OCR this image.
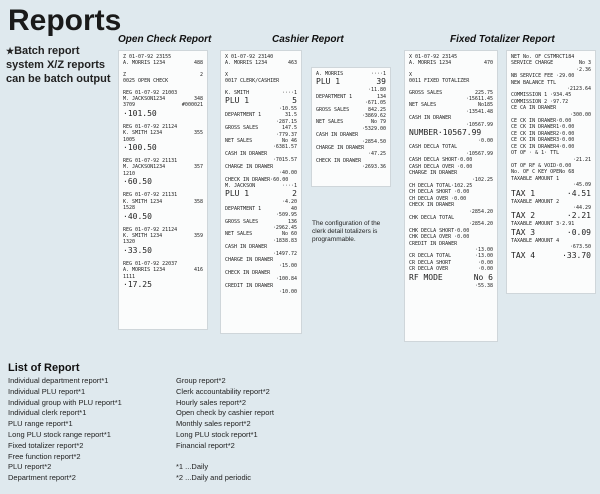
Reports
★Batch report system X/Z reports can be batch output
Open Check Report	Cashier Report	Fixed Totalizer Report
Z 01-07-92 23155
A. MORRIS 1234	488
Z	2
0025 OPEN CHECK
REG 01-07-92 21003
M. JACKSON1234	348
3709	#000021
·101.50
REG 01-07-92 21124
K. SMITH 1234	355
1005
·100.50
REG 01-07-92 21131
M. JACKSON1234	357
1210
·60.50
REG 01-07-92 21131
K. SMITH 1234	358
1528
·40.50
REG 01-07-92 21124
K. SMITH 1234	359
1320
·33.50
REG 01-07-92 22037
A. MORRIS 1234	416
1111
·17.25
X 01-07-92 23140
A. MORRIS 1234	463
X
0017 CLERK/CASHIER
K. SMITH	····1
PLU 1	5
·10.55
DEPARTMENT 1	31.5
·287.15
GROSS SALES	147.5
·779.37
NET SALES	No 46
·6381.57
CASH IN DRAWER
·7015.57
CHARGE IN DRAWER
·40.00
CHECK IN DRAWER·60.00
M. JACKSON	····1
PLU 1	2
·4.20
DEPARTMENT 1	40
·509.95
GROSS SALES	136
·2962.45
NET SALES	No 60
·1838.83
CASH IN DRAWER
·1497.72
CHARGE IN DRAWER
·15.00
CHECK IN DRAWER
·100.84
CREDIT IN DRAWER
·10.00
A. MORRIS	····1
PLU 1	39
·11.80
DEPARTMENT 1	134
·671.05
GROSS SALES	842.25
·3869.62
NET SALES	No 79
·5329.00
CASH IN DRAWER
·2854.50
CHARGE IN DRAWER
·47.25
CHECK IN DRAWER
·2693.36
The configuration of the clerk detail totalizers is programmable.
X 01-07-92 23145
A. MORRIS 1234	470
X
0011 FIXED TOTALIZER
GROSS SALES	225.75
·15611.45
NET SALES	No185
·13541.48
CASH IN DRAWER
·10567.99
NUMBER·10567.99
·0.00
CASH DECLA TOTAL
·10567.99
CASH DECLA SHORT·0.00
CASH DECLA OVER ·0.00
CHARGE IN DRAWER
·102.25
CH DECLA TOTAL·102.25
CH DECLA SHORT ·0.00
CH DECLA OVER ·0.00
CHECK IN DRAWER
·2854.20
CHK DECLA TOTAL
·2854.20
CHK DECLA SHORT·0.00
CHK DECLA OVER ·0.00
CREDIT IN DRAWER
·13.00
CR DECLA TOTAL	·13.00
CR DECLA SHORT	·0.00
CR DECLA OVER	·0.00
RF MODE	No 6
·55.38
NET No. OF CSTMRCT184
SERVICE CHARGE	No 3
·2.36
NB SERVICE FEE ·29.00
NEW BALANCE TTL
·2123.64
COMMISSION 1 ·934.45
COMMISSION 2 ·97.72
CE CA IN DRAWER
·300.00
CE CK IN DRAWER·0.00
CE CK IN DRAWER1·0.00
CE CK IN DRAWER2·0.00
CE CK IN DRAWER3·0.00
CE CK IN DRAWER4·0.00
OT OF · & 1· TTL
·21.21
OT OF RF & VOID·0.00
No. OF C KEY OPENo 68
TAXABLE AMOUNT 1
·45.09
TAX 1	·4.51
TAXABLE AMOUNT 2
·44.29
TAX 2	·2.21
TAXABLE AMOUNT 3·2.91
TAX 3	·0.09
TAXABLE AMOUNT 4
·673.50
TAX 4	·33.70
List of Report
Individual department report*1
Individual PLU report*1
Individual group with PLU report*1
Individual clerk report*1
PLU range report*1
Long PLU stock range report*1
Fixed totalizer report*2
Free function report*2
PLU report*2
Department report*2
Group report*2
Clerk accountability report*2
Hourly sales report*2
Open check by cashier report
Monthly sales report*2
Long PLU stock report*1
Financial report*2

*1 ...Daily
*2 ...Daily and periodic
